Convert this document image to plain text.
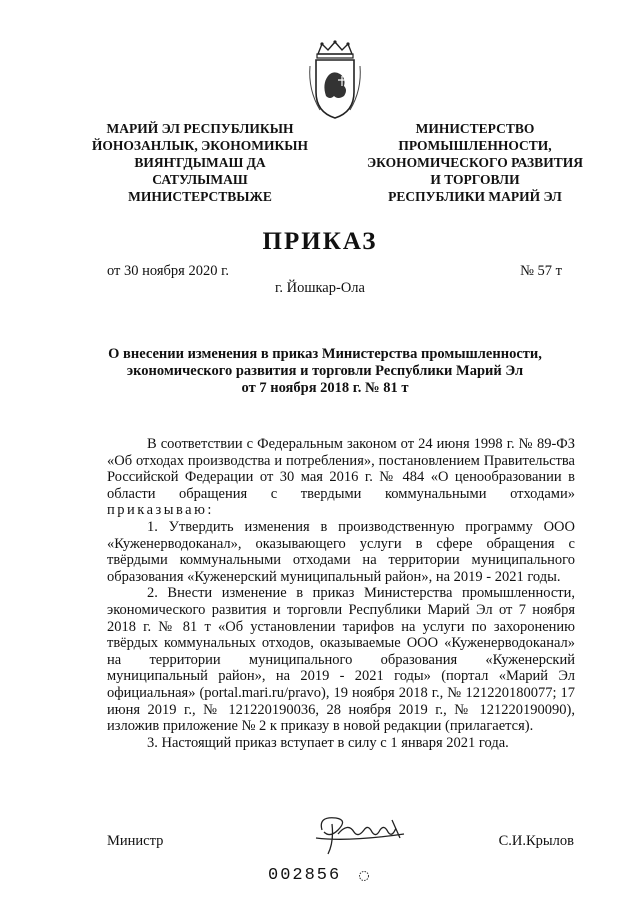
МАРИЙ ЭЛ РЕСПУБЛИКЫН
ЙОНОЗАНЛЫК, ЭКОНОМИКЫН
ВИЯҤГДЫМАШ ДА
САТУЛЫМАШ
МИНИСТЕРСТВЫЖЕ
МИНИСТЕРСТВО
ПРОМЫШЛЕННОСТИ,
ЭКОНОМИЧЕСКОГО РАЗВИТИЯ
И ТОРГОВЛИ
РЕСПУБЛИКИ МАРИЙ ЭЛ
ПРИКАЗ
от 30 ноября 2020 г.	№ 57 т
г. Йошкар-Ола
О внесении изменения в приказ Министерства промышленности,
экономического развития и торговли Республики Марий Эл
от 7 ноября 2018 г. № 81 т

В соответствии с Федеральным законом от 24 июня 1998 г. № 89-ФЗ «Об отходах производства и потребления», постановлением Правительства Российской Федерации от 30 мая 2016 г. № 484 «О ценообразовании в области обращения с твердыми коммунальными отходами» приказываю:

1. Утвердить изменения в производственную программу ООО «Куженерводоканал», оказывающего услуги в сфере обращения с твёрдыми коммунальными отходами на территории муниципального образования «Куженерский муниципальный район», на 2019 - 2021 годы.

2. Внести изменение в приказ Министерства промышленности, экономического развития и торговли Республики Марий Эл от 7 ноября 2018 г. № 81 т «Об установлении тарифов на услуги по захоронению твёрдых коммунальных отходов, оказываемые ООО «Куженерводоканал» на территории муниципального образования «Куженерский муниципальный район», на 2019 - 2021 годы» (портал «Марий Эл официальная» (portal.mari.ru/pravo), 19 ноября 2018 г., № 121220180077; 17 июня 2019 г., № 121220190036, 28 ноября 2019 г., № 121220190090), изложив приложение № 2 к приказу в новой редакции (прилагается).

3. Настоящий приказ вступает в силу с 1 января 2021 года.

Министр	С.И.Крылов
002856
